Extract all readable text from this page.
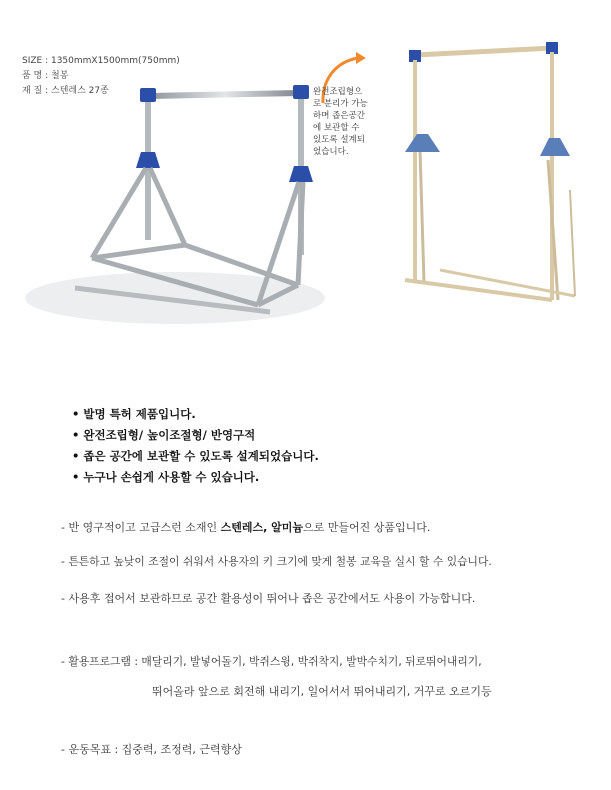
SIZE : 1350mmX1500mm(750mm)
품 명 : 철봉
재 질 : 스텐레스 27종	완전조립형으
로 분리가 가능
하며 좁은공간
에 보관할 수
있도록 설계되
었습니다.
• 발명 특허 제품입니다.
• 완전조립형/ 높이조절형/ 반영구적
• 좁은 공간에 보관할 수 있도록 설계되었습니다.
• 누구나 손쉽게 사용할 수 있습니다.
- 반 영구적이고 고급스런 소재인 스텐레스, 알미늄으로 만들어진 상품입니다.
- 튼튼하고 높낮이 조절이 쉬워서 사용자의 키 크기에 맞게 철봉 교육을 실시 할 수 있습니다.
- 사용후 접어서 보관하므로 공간 활용성이 뛰어나 좁은 공간에서도 사용이 가능합니다.
- 활용프로그램 : 매달리기, 발넣어돌기, 박쥐스윙, 박쥐착지, 발박수치기, 뒤로뛰어내리기,
뛰어올라 앞으로 회전해 내리기, 일어서서 뛰어내리기, 거꾸로 오르기등
- 운동목표 : 집중력, 조정력, 근력향상
